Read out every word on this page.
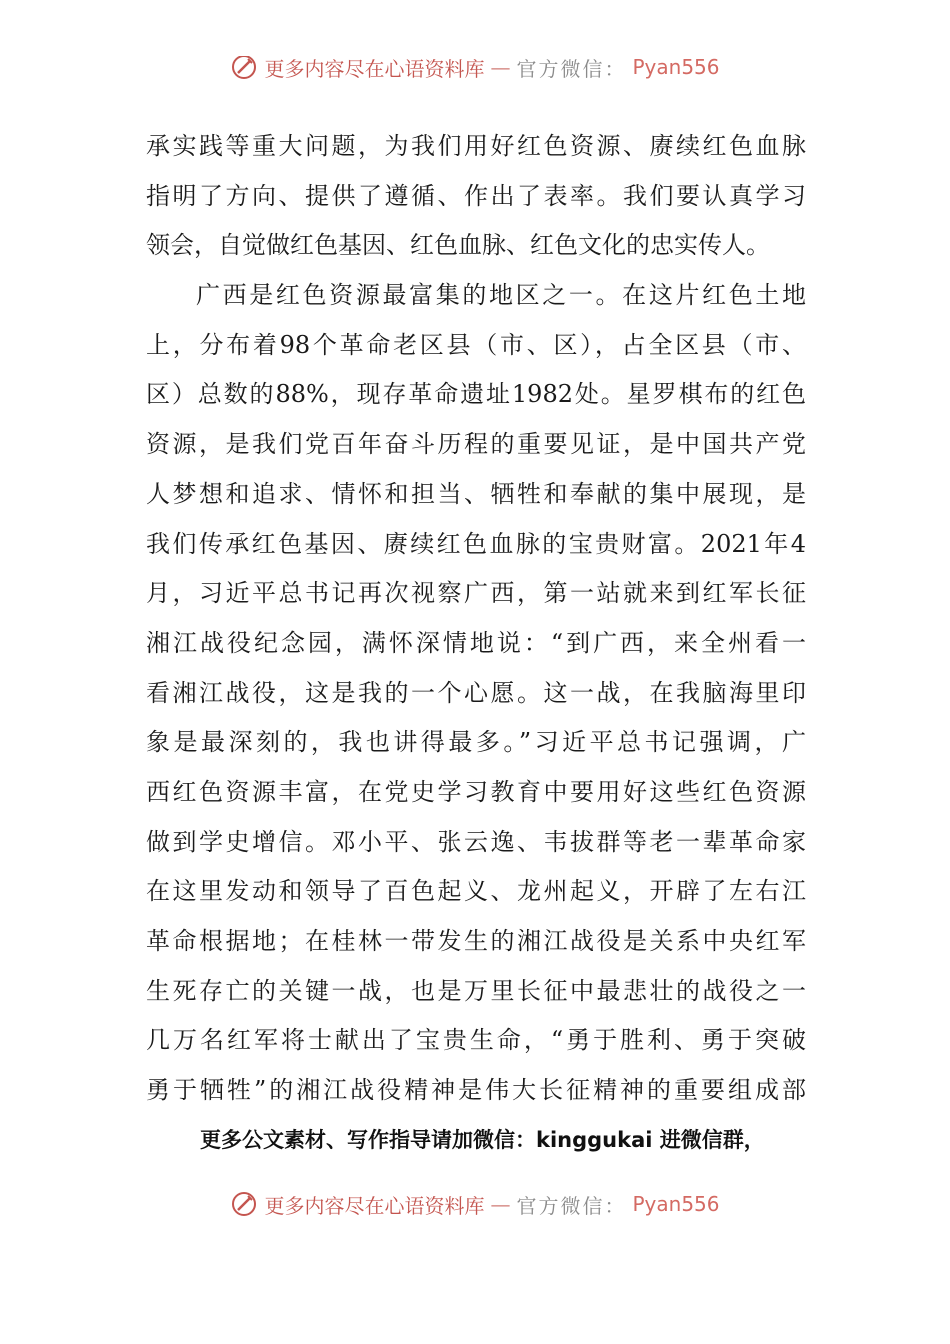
更多内容尽在心语资料库 — 官方微信： Pyan556
承实践等重大问题，为我们用好红色资源、赓续红色血脉
指明了方向、提供了遵循、作出了表率。我们要认真学习
领会，自觉做红色基因、红色血脉、红色文化的忠实传人。
广西是红色资源最富集的地区之一。在这片红色土地
上，分布着98个革命老区县（市、区），占全区县（市、
区）总数的88%，现存革命遗址1982处。星罗棋布的红色
资源，是我们党百年奋斗历程的重要见证，是中国共产党
人梦想和追求、情怀和担当、牺牲和奉献的集中展现，是
我们传承红色基因、赓续红色血脉的宝贵财富。2021年4
月，习近平总书记再次视察广西，第一站就来到红军长征
湘江战役纪念园，满怀深情地说：“到广西，来全州看一
看湘江战役，这是我的一个心愿。这一战，在我脑海里印
象是最深刻的，我也讲得最多。”习近平总书记强调，广
西红色资源丰富，在党史学习教育中要用好这些红色资源
做到学史增信。邓小平、张云逸、韦拔群等老一辈革命家
在这里发动和领导了百色起义、龙州起义，开辟了左右江
革命根据地；在桂林一带发生的湘江战役是关系中央红军
生死存亡的关键一战，也是万里长征中最悲壮的战役之一
几万名红军将士献出了宝贵生命，“勇于胜利、勇于突破
勇于牺牲”的湘江战役精神是伟大长征精神的重要组成部
更多公文素材、写作指导请加微信：kinggukai 进微信群，
更多内容尽在心语资料库 — 官方微信： Pyan556
